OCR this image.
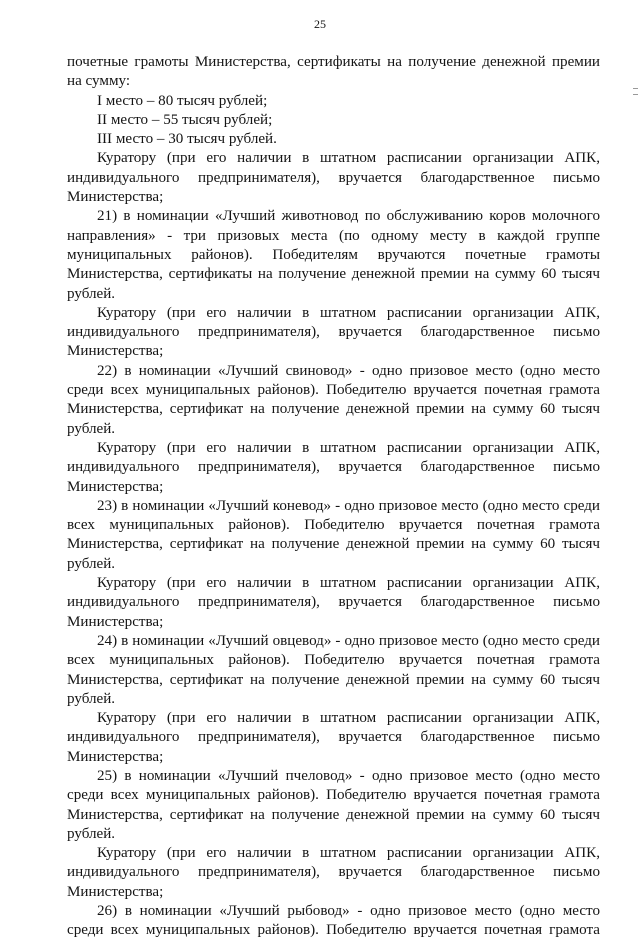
25

почетные грамоты Министерства, сертификаты на получение денежной премии

на сумму:

I место – 80 тысяч рублей;

II место – 55 тысяч рублей;

III место – 30 тысяч рублей.

Куратору (при его наличии в штатном расписании организации АПК, индивидуального предпринимателя), вручается благодарственное письмо Министерства;

21) в номинации «Лучший животновод по обслуживанию коров молочного направления» - три призовых места (по одному месту в каждой группе муниципальных районов). Победителям вручаются почетные грамоты Министерства, сертификаты на получение денежной премии на сумму 60 тысяч рублей.

Куратору (при его наличии в штатном расписании организации АПК, индивидуального предпринимателя), вручается благодарственное письмо Министерства;

22) в номинации «Лучший свиновод» - одно призовое место (одно место среди всех муниципальных районов). Победителю вручается почетная грамота Министерства, сертификат на получение денежной премии на сумму 60 тысяч рублей.

Куратору (при его наличии в штатном расписании организации АПК, индивидуального предпринимателя), вручается благодарственное письмо Министерства;

23) в номинации «Лучший коневод» - одно призовое место (одно место среди всех муниципальных районов). Победителю вручается почетная грамота Министерства, сертификат на получение денежной премии на сумму 60 тысяч рублей.

Куратору (при его наличии в штатном расписании организации АПК, индивидуального предпринимателя), вручается благодарственное письмо Министерства;

24) в номинации «Лучший овцевод» - одно призовое место (одно место среди всех муниципальных районов). Победителю вручается почетная грамота Министерства, сертификат на получение денежной премии на сумму 60 тысяч рублей.

Куратору (при его наличии в штатном расписании организации АПК, индивидуального предпринимателя), вручается благодарственное письмо Министерства;

25) в номинации «Лучший пчеловод» - одно призовое место (одно место среди всех муниципальных районов). Победителю вручается почетная грамота Министерства, сертификат на получение денежной премии на сумму 60 тысяч рублей.

Куратору (при его наличии в штатном расписании организации АПК, индивидуального предпринимателя), вручается благодарственное письмо Министерства;

26) в номинации «Лучший рыбовод» - одно призовое место (одно место среди всех муниципальных районов). Победителю вручается почетная грамота
